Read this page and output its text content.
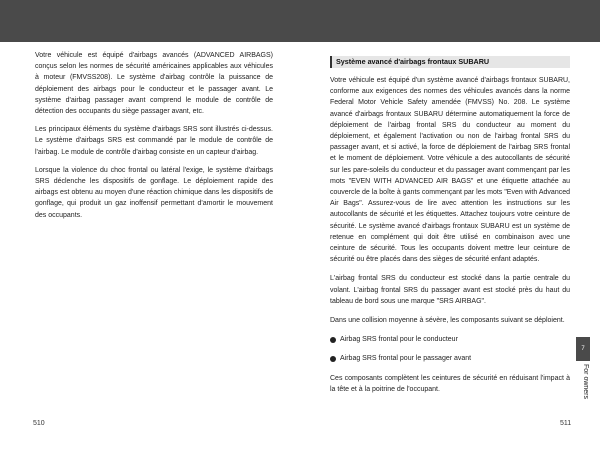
Votre véhicule est équipé d'airbags avancés (ADVANCED AIRBAGS) conçus selon les normes de sécurité américaines applicables aux véhicules à moteur (FMVSS208). Le système d'airbag contrôle la puissance de déploiement des airbags pour le conducteur et le passager avant. Le système d'airbag passager avant comprend le module de contrôle de détection des occupants du siège passager avant, etc.

Les principaux éléments du système d'airbags SRS sont illustrés ci-dessus. Le système d'airbags SRS est commandé par le module de contrôle de l'airbag. Le module de contrôle d'airbag consiste en un capteur d'airbag.

Lorsque la violence du choc frontal ou latéral l'exige, le système d'airbags SRS déclenche les dispositifs de gonflage. Le déploiement rapide des airbags est obtenu au moyen d'une réaction chimique dans les dispositifs de gonflage, qui produit un gaz inoffensif permettant d'amortir le mouvement des occupants.

Système avancé d'airbags frontaux SUBARU

Votre véhicule est équipé d'un système avancé d'airbags frontaux SUBARU, conforme aux exigences des normes des véhicules avancés dans la norme Federal Motor Vehicle Safety amendée (FMVSS) No. 208. Le système avancé d'airbags frontaux SUBARU détermine automatiquement la force de déploiement de l'airbag frontal SRS du conducteur au moment du déploiement, et également l'activation ou non de l'airbag frontal SRS du passager avant, et si activé, la force de déploiement de l'airbag SRS frontal et le moment de déploiement. Votre véhicule a des autocollants de sécurité sur les pare-soleils du conducteur et du passager avant commençant par les mots "EVEN WITH ADVANCED AIR BAGS" et une étiquette attachée au couvercle de la boîte à gants commençant par les mots "Even with Advanced Air Bags". Assurez-vous de lire avec attention les instructions sur les autocollants de sécurité et les étiquettes. Attachez toujours votre ceinture de sécurité. Le système avancé d'airbags frontaux SUBARU est un système de retenue en complément qui doit être utilisé en combinaison avec une ceinture de sécurité. Tous les occupants doivent mettre leur ceinture de sécurité ou être placés dans des sièges de sécurité enfant adaptés.

L'airbag frontal SRS du conducteur est stocké dans la partie centrale du volant. L'airbag frontal SRS du passager avant est stocké près du haut du tableau de bord sous une marque "SRS AIRBAG".

Dans une collision moyenne à sévère, les composants suivant se déploient.

Airbag SRS frontal pour le conducteur
Airbag SRS frontal pour le passager avant

Ces composants complètent les ceintures de sécurité en réduisant l'impact à la tête et à la poitrine de l'occupant.

510	511
7
For owners
